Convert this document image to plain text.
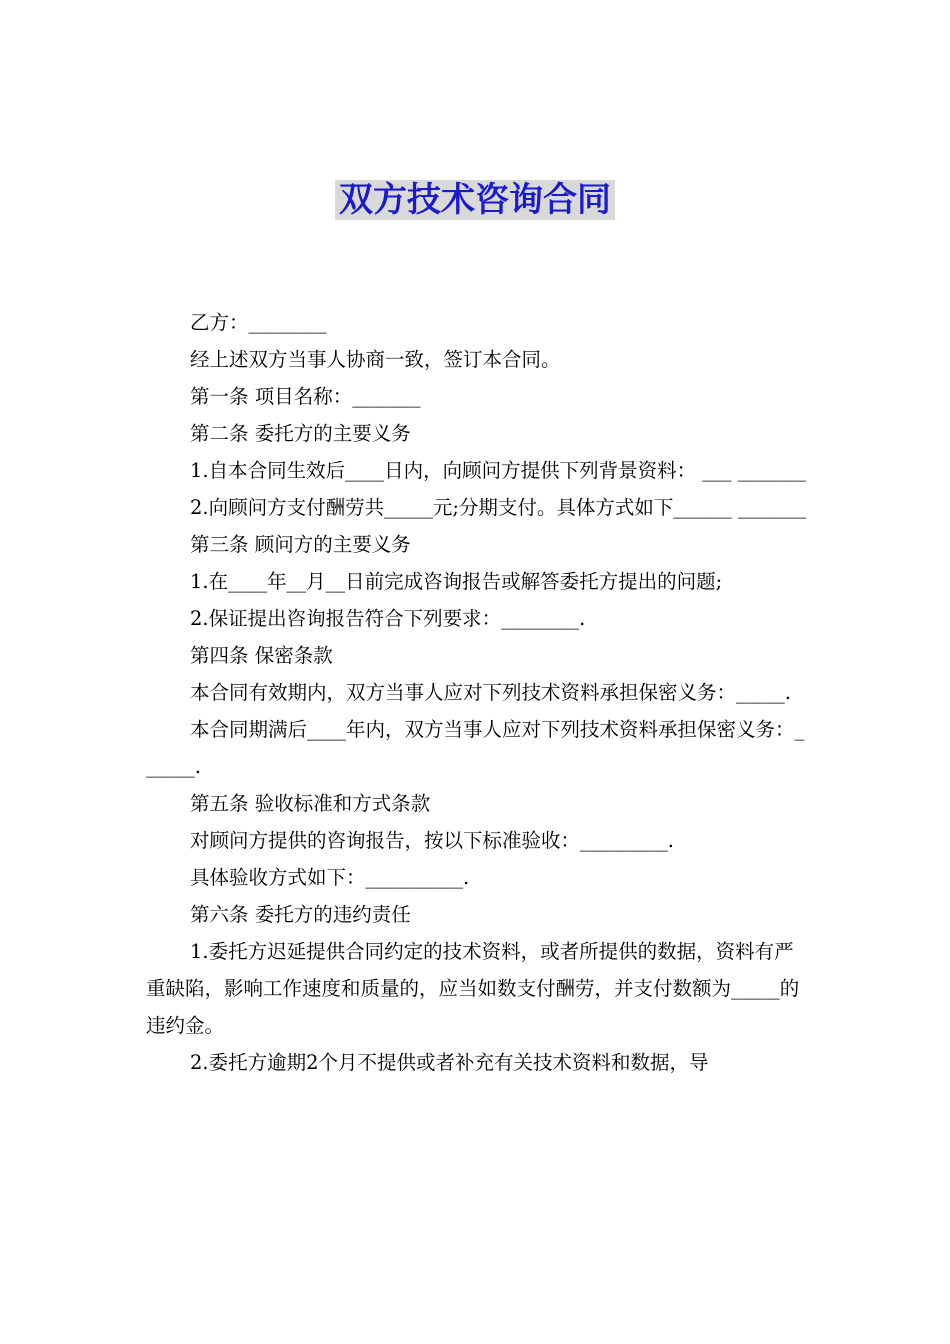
双方技术咨询合同

乙方：________

经上述双方当事人协商一致，签订本合同。

第一条 项目名称：_______

第二条 委托方的主要义务

1.自本合同生效后____日内，向顾问方提供下列背景资料： ___ _______

2.向顾问方支付酬劳共_____元;分期支付。具体方式如下______ _______

第三条 顾问方的主要义务

1.在____年__月__日前完成咨询报告或解答委托方提出的问题;

2.保证提出咨询报告符合下列要求：________.

第四条 保密条款

本合同有效期内，双方当事人应对下列技术资料承担保密义务：_____.

本合同期满后____年内，双方当事人应对下列技术资料承担保密义务：______.

第五条 验收标准和方式条款

对顾问方提供的咨询报告，按以下标准验收：_________.

具体验收方式如下：__________.

第六条 委托方的违约责任

1.委托方迟延提供合同约定的技术资料，或者所提供的数据，资料有严重缺陷，影响工作速度和质量的，应当如数支付酬劳，并支付数额为_____的违约金。

2.委托方逾期2个月不提供或者补充有关技术资料和数据，导
